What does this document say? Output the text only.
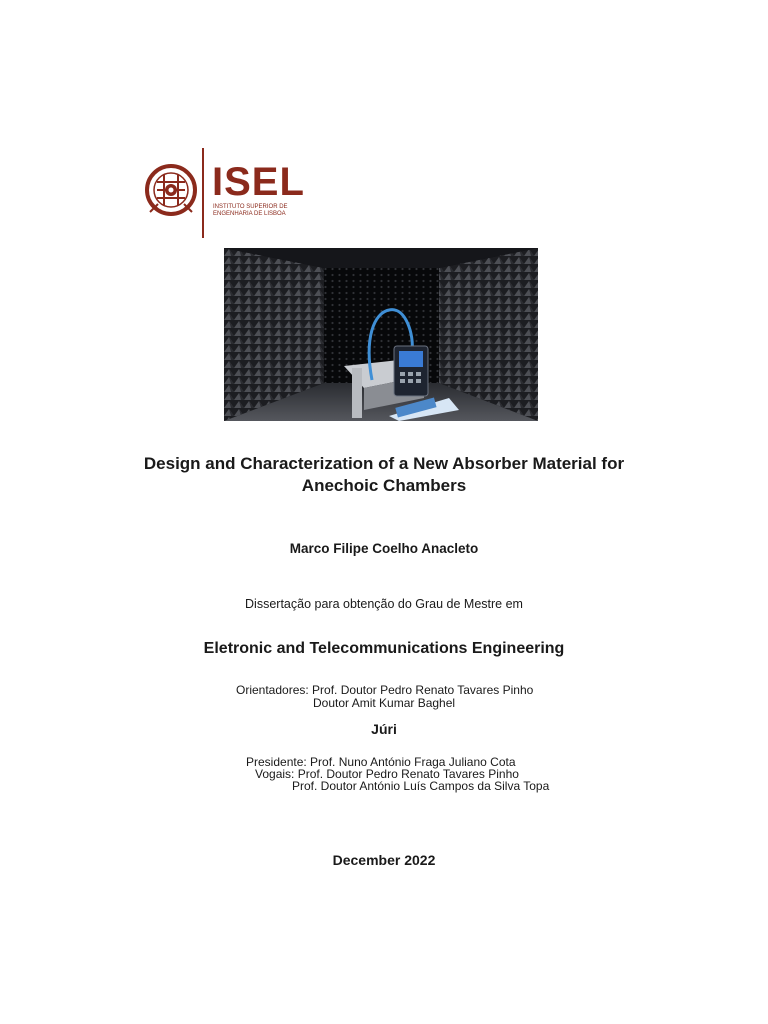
ISEL
INSTITUTO SUPERIOR DE ENGENHARIA DE LISBOA
Design and Characterization of a New Absorber Material for
Anechoic Chambers
Marco Filipe Coelho Anacleto
Dissertação para obtenção do Grau de Mestre em
Eletronic and Telecommunications Engineering
Orientadores: Prof. Doutor Pedro Renato Tavares Pinho
Doutor Amit Kumar Baghel
Júri
Presidente: Prof. Nuno António Fraga Juliano Cota
Vogais: Prof. Doutor Pedro Renato Tavares Pinho
Prof. Doutor António Luís Campos da Silva Topa
December 2022
